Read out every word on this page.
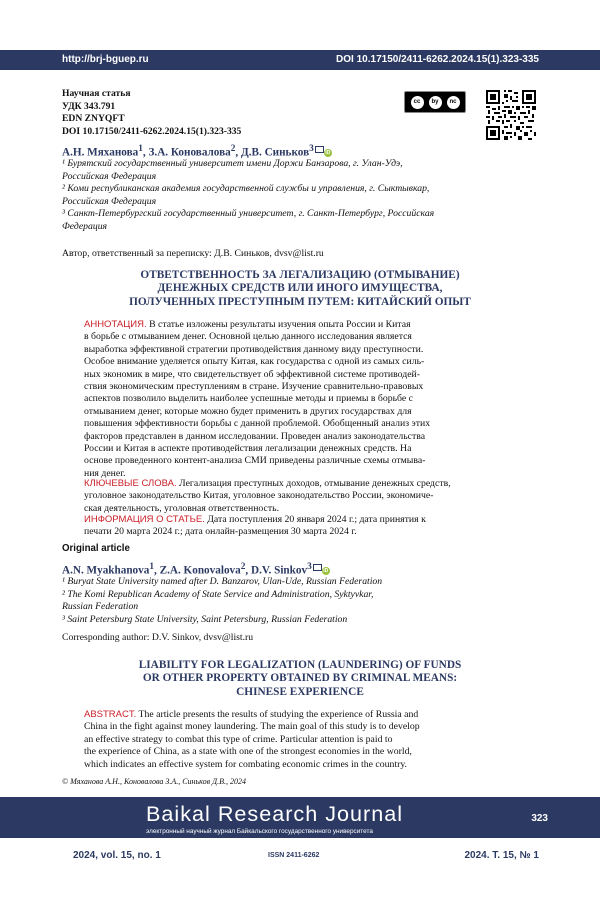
http://brj-bguep.ru	DOI 10.17150/2411-6262.2024.15(1).323-335
Научная статья
УДК 343.791
EDN ZNYQFT
DOI 10.17150/2411-6262.2024.15(1).323-335
cc	by	nc
А.Н. Мяханова$^1$, З.А. Коновалова$^2$, Д.В. Синьков$^3$ iD
¹ Бурятский государственный университет имени Доржи Банзарова, г. Улан-Удэ,
Российская Федерация
² Коми республиканская академия государственной службы и управления, г. Сыктывкар,
Российская Федерация
³ Санкт-Петербургский государственный университет, г. Санкт-Петербург, Российская
Федерация
Автор, ответственный за переписку: Д.В. Синьков, dvsv@list.ru
ОТВЕТСТВЕННОСТЬ ЗА ЛЕГАЛИЗАЦИЮ (ОТМЫВАНИЕ)
ДЕНЕЖНЫХ СРЕДСТВ ИЛИ ИНОГО ИМУЩЕСТВА,
ПОЛУЧЕННЫХ ПРЕСТУПНЫМ ПУТЕМ: КИТАЙСКИЙ ОПЫТ
АННОТАЦИЯ. В статье изложены результаты изучения опыта России и Китая
в борьбе с отмыванием денег. Основной целью данного исследования является
выработка эффективной стратегии противодействия данному виду преступности.
Особое внимание уделяется опыту Китая, как государства с одной из самых силь-
ных экономик в мире, что свидетельствует об эффективной системе противодей-
ствия экономическим преступлениям в стране. Изучение сравнительно-правовых
аспектов позволило выделить наиболее успешные методы и приемы в борьбе с
отмыванием денег, которые можно будет применить в других государствах для
повышения эффективности борьбы с данной проблемой. Обобщенный анализ этих
факторов представлен в данном исследовании. Проведен анализ законодательства
России и Китая в аспекте противодействия легализации денежных средств. На
основе проведенного контент-анализа СМИ приведены различные схемы отмыва-
ния денег.
КЛЮЧЕВЫЕ СЛОВА. Легализация преступных доходов, отмывание денежных средств,
уголовное законодательство Китая, уголовное законодательство России, экономиче-
ская деятельность, уголовная ответственность.
ИНФОРМАЦИЯ О СТАТЬЕ. Дата поступления 20 января 2024 г.; дата принятия к
печати 20 марта 2024 г.; дата онлайн-размещения 30 марта 2024 г.
Original article
A.N. Myakhanova$^1$, Z.A. Konovalova$^2$, D.V. Sinkov$^3$ iD
¹ Buryat State University named after D. Banzarov, Ulan-Ude, Russian Federation
² The Komi Republican Academy of State Service and Administration, Syktyvkar,
Russian Federation
³ Saint Petersburg State University, Saint Petersburg, Russian Federation
Corresponding author: D.V. Sinkov, dvsv@list.ru
LIABILITY FOR LEGALIZATION (LAUNDERING) OF FUNDS
OR OTHER PROPERTY OBTAINED BY CRIMINAL MEANS:
CHINESE EXPERIENCE
ABSTRACT. The article presents the results of studying the experience of Russia and
China in the fight against money laundering. The main goal of this study is to develop
an effective strategy to combat this type of crime. Particular attention is paid to
the experience of China, as a state with one of the strongest economies in the world,
which indicates an effective system for combating economic crimes in the country.
© Мяханова А.Н., Коновалова З.А., Синьков Д.В., 2024
Baikal Research Journal
электронный научный журнал Байкальского государственного университета
323
2024, vol. 15, no. 1	ISSN 2411-6262	2024. Т. 15, № 1
